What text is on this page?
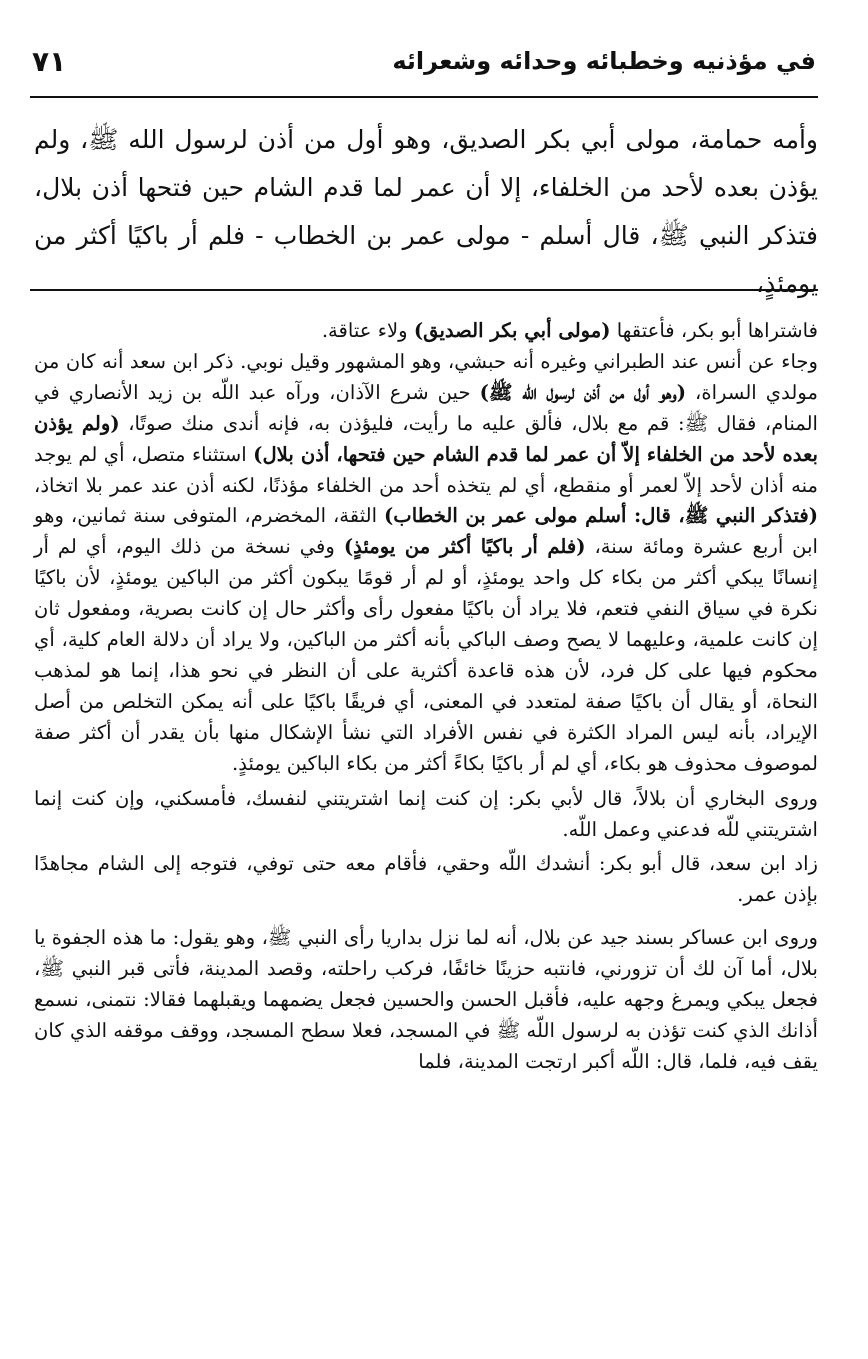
في مؤذنيه وخطبائه وحدائه وشعرائه
٧١
وأمه حمامة، مولى أبي بكر الصديق، وهو أول من أذن لرسول الله ﷺ، ولم يؤذن بعده لأحد من الخلفاء، إلا أن عمر لما قدم الشام حين فتحها أذن بلال، فتذكر النبي ﷺ، قال أسلم - مولى عمر بن الخطاب - فلم أر باكيًا أكثر من يومئذٍ،

فاشتراها أبو بكر، فأعتقها (مولى أبي بكر الصديق) ولاء عتاقة.

وجاء عن أنس عند الطبراني وغيره أنه حبشي، وهو المشهور وقيل نوبي. ذكر ابن سعد أنه كان من مولدي السراة، (وهو أول من أذن لرسول اللّه ﷺ) حين شرع الآذان، ورآه عبد اللّه بن زيد الأنصاري في المنام، فقال ﷺ: قم مع بلال، فألق عليه ما رأيت، فليؤذن به، فإنه أندى منك صوتًا، (ولم يؤذن بعده لأحد من الخلفاء إلاّ أن عمر لما قدم الشام حين فتحها، أذن بلال) استثناء متصل، أي لم يوجد منه أذان لأحد إلاّ لعمر أو منقطع، أي لم يتخذه أحد من الخلفاء مؤذنًا، لكنه أذن عند عمر بلا اتخاذ، (فتذكر النبي ﷺ، قال: أسلم مولى عمر بن الخطاب) الثقة، المخضرم، المتوفى سنة ثمانين، وهو ابن أربع عشرة ومائة سنة، (فلم أر باكيًا أكثر من يومئذٍ) وفي نسخة من ذلك اليوم، أي لم أر إنسانًا يبكي أكثر من بكاء كل واحد يومئذٍ، أو لم أر قومًا يبكون أكثر من الباكين يومئذٍ، لأن باكيًا نكرة في سياق النفي فتعم، فلا يراد أن باكيًا مفعول رأى وأكثر حال إن كانت بصرية، ومفعول ثان إن كانت علمية، وعليهما لا يصح وصف الباكي بأنه أكثر من الباكين، ولا يراد أن دلالة العام كلية، أي محكوم فيها على كل فرد، لأن هذه قاعدة أكثرية على أن النظر في نحو هذا، إنما هو لمذهب النحاة، أو يقال أن باكيًا صفة لمتعدد في المعنى، أي فريقًا باكيًا على أنه يمكن التخلص من أصل الإيراد، بأنه ليس المراد الكثرة في نفس الأفراد التي نشأ الإشكال منها بأن يقدر أن أكثر صفة لموصوف محذوف هو بكاء، أي لم أر باكيًا بكاءً أكثر من بكاء الباكين يومئذٍ.

وروى البخاري أن بلالاً، قال لأبي بكر: إن كنت إنما اشتريتني لنفسك، فأمسكني، وإن كنت إنما اشتريتني للّه فدعني وعمل اللّه.

زاد ابن سعد، قال أبو بكر: أنشدك اللّه وحقي، فأقام معه حتى توفي، فتوجه إلى الشام مجاهدًا بإذن عمر.

وروى ابن عساكر بسند جيد عن بلال، أنه لما نزل بداريا رأى النبي ﷺ، وهو يقول: ما هذه الجفوة يا بلال، أما آن لك أن تزورني، فانتبه حزينًا خائفًا، فركب راحلته، وقصد المدينة، فأتى قبر النبي ﷺ، فجعل يبكي ويمرغ وجهه عليه، فأقبل الحسن والحسين فجعل يضمهما ويقبلهما فقالا: نتمنى، نسمع أذانك الذي كنت تؤذن به لرسول اللّه ﷺ في المسجد، فعلا سطح المسجد، ووقف موقفه الذي كان يقف فيه، فلما، قال: اللّه أكبر ارتجت المدينة، فلما
